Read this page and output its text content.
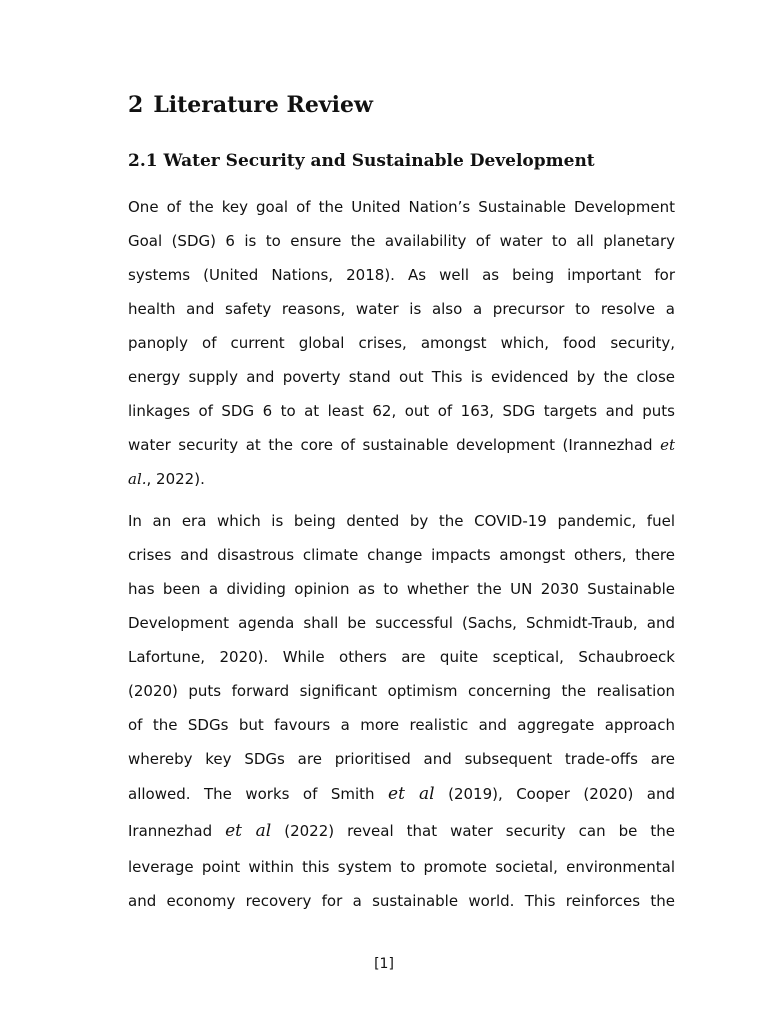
2 Literature Review
2.1 Water Security and Sustainable Development
One of the key goal of the United Nation’s Sustainable Development
Goal (SDG) 6 is to ensure the availability of water to all planetary
systems (United Nations, 2018). As well as being important for
health and safety reasons, water is also a precursor to resolve a
panoply of current global crises, amongst which, food security,
energy supply and poverty stand out This is evidenced by the close
linkages of SDG 6 to at least 62, out of 163, SDG targets and puts
water security at the core of sustainable development (Irannezhad et
al., 2022).
In an era which is being dented by the COVID-19 pandemic, fuel
crises and disastrous climate change impacts amongst others, there
has been a dividing opinion as to whether the UN 2030 Sustainable
Development agenda shall be successful (Sachs, Schmidt-Traub, and
Lafortune, 2020). While others are quite sceptical, Schaubroeck
(2020) puts forward significant optimism concerning the realisation
of the SDGs but favours a more realistic and aggregate approach
whereby key SDGs are prioritised and subsequent trade-offs are
allowed. The works of Smith et al (2019), Cooper (2020) and
Irannezhad et al (2022) reveal that water security can be the
leverage point within this system to promote societal, environmental
and economy recovery for a sustainable world. This reinforces the
[1]
